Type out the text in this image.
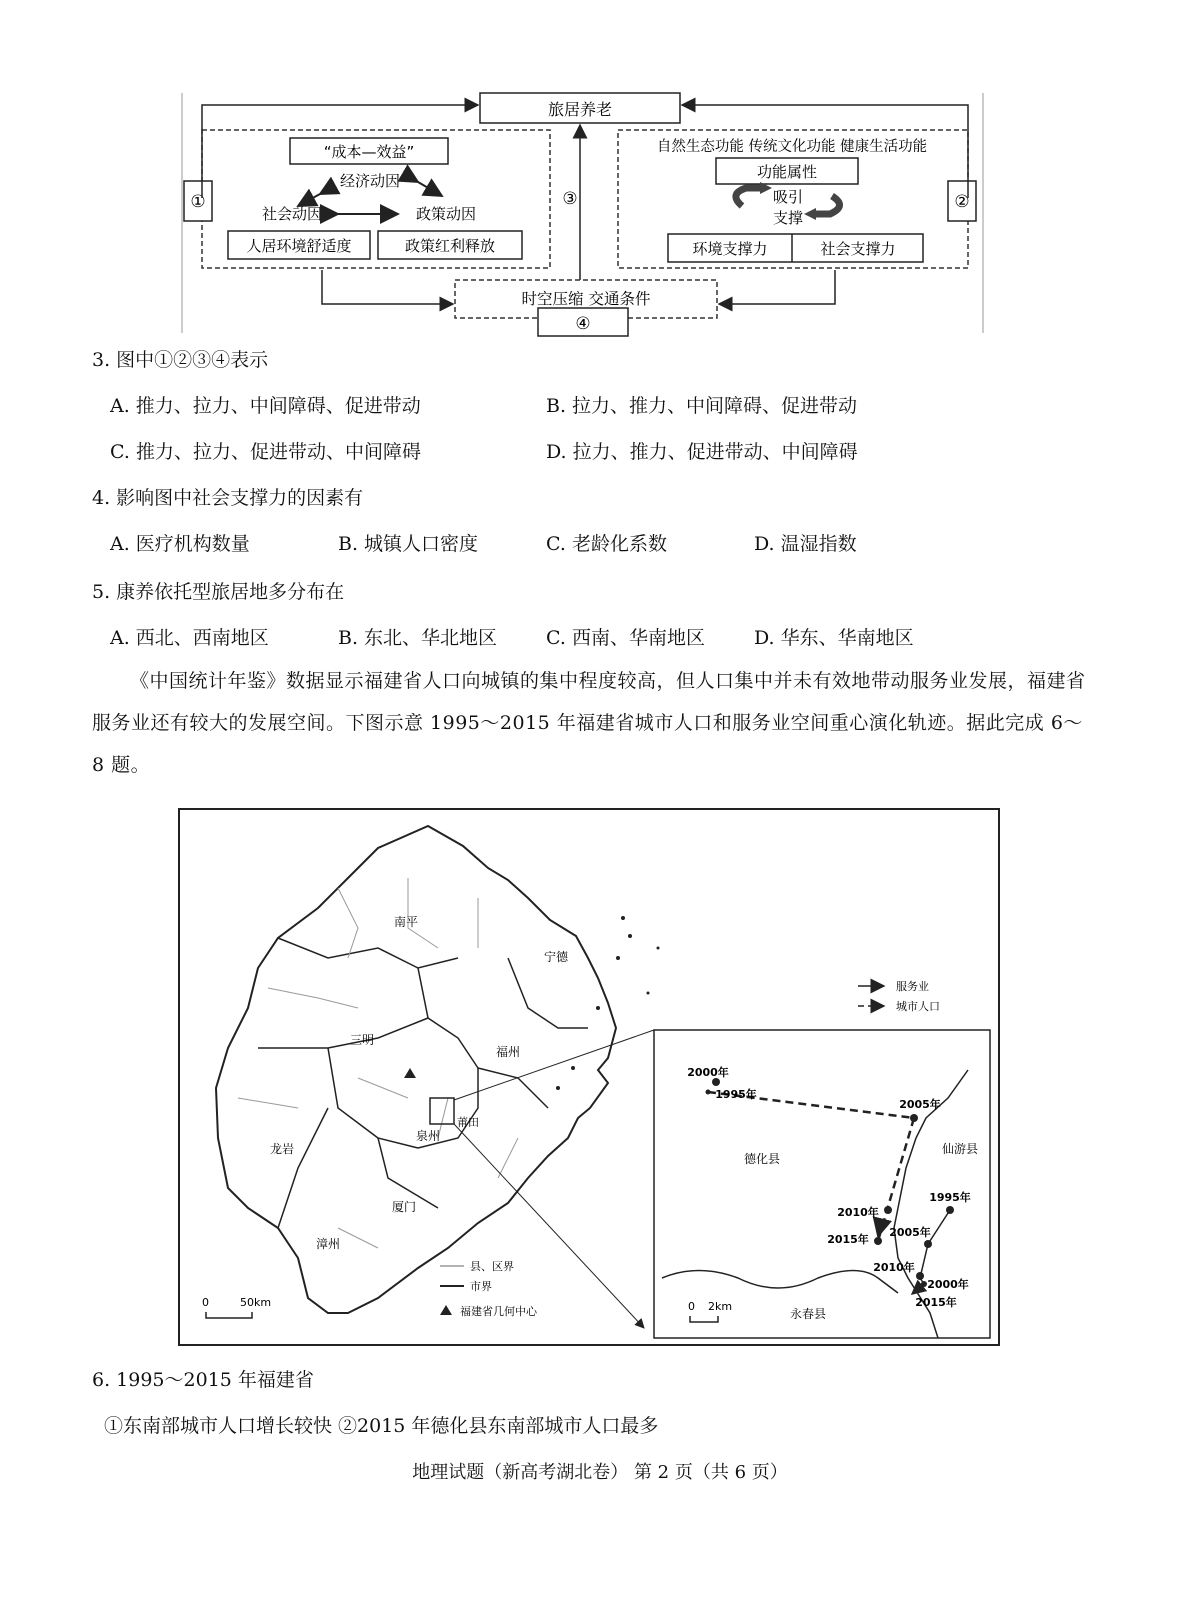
旅居养老
①
“成本—效益”
经济动因
社会动因	政策动因
人居环境舒适度	政策红利释放
②
自然生态功能 传统文化功能 健康生活功能
功能属性
吸引
支撑
环境支撑力	社会支撑力
③
时空压缩 交通条件
④
3. 图中①②③④表示
A. 推力、拉力、中间障碍、促进带动	B. 拉力、推力、中间障碍、促进带动
C. 推力、拉力、促进带动、中间障碍	D. 拉力、推力、促进带动、中间障碍
4. 影响图中社会支撑力的因素有
A. 医疗机构数量	B. 城镇人口密度	C. 老龄化系数	D. 温湿指数
5. 康养依托型旅居地多分布在
A. 西北、西南地区	B. 东北、华北地区	C. 西南、华南地区	D. 华东、华南地区
《中国统计年鉴》数据显示福建省人口向城镇的集中程度较高，但人口集中并未有效地带动服务业发展，福建省服务业还有较大的发展空间。下图示意 1995～2015 年福建省城市人口和服务业空间重心演化轨迹。据此完成 6～8 题。
南平
宁德
三明
福州
莆田
泉州
龙岩
厦门
漳州
县、区界
市界
福建省几何中心
0	50km
服务业
城市人口
德化县
仙游县
永春县
2000年
1995年
2005年
2010年
2015年
1995年
2005年
2010年
2000年
2015年
0 2km
6. 1995～2015 年福建省
①东南部城市人口增长较快 ②2015 年德化县东南部城市人口最多
地理试题（新高考湖北卷） 第 2 页（共 6 页）
